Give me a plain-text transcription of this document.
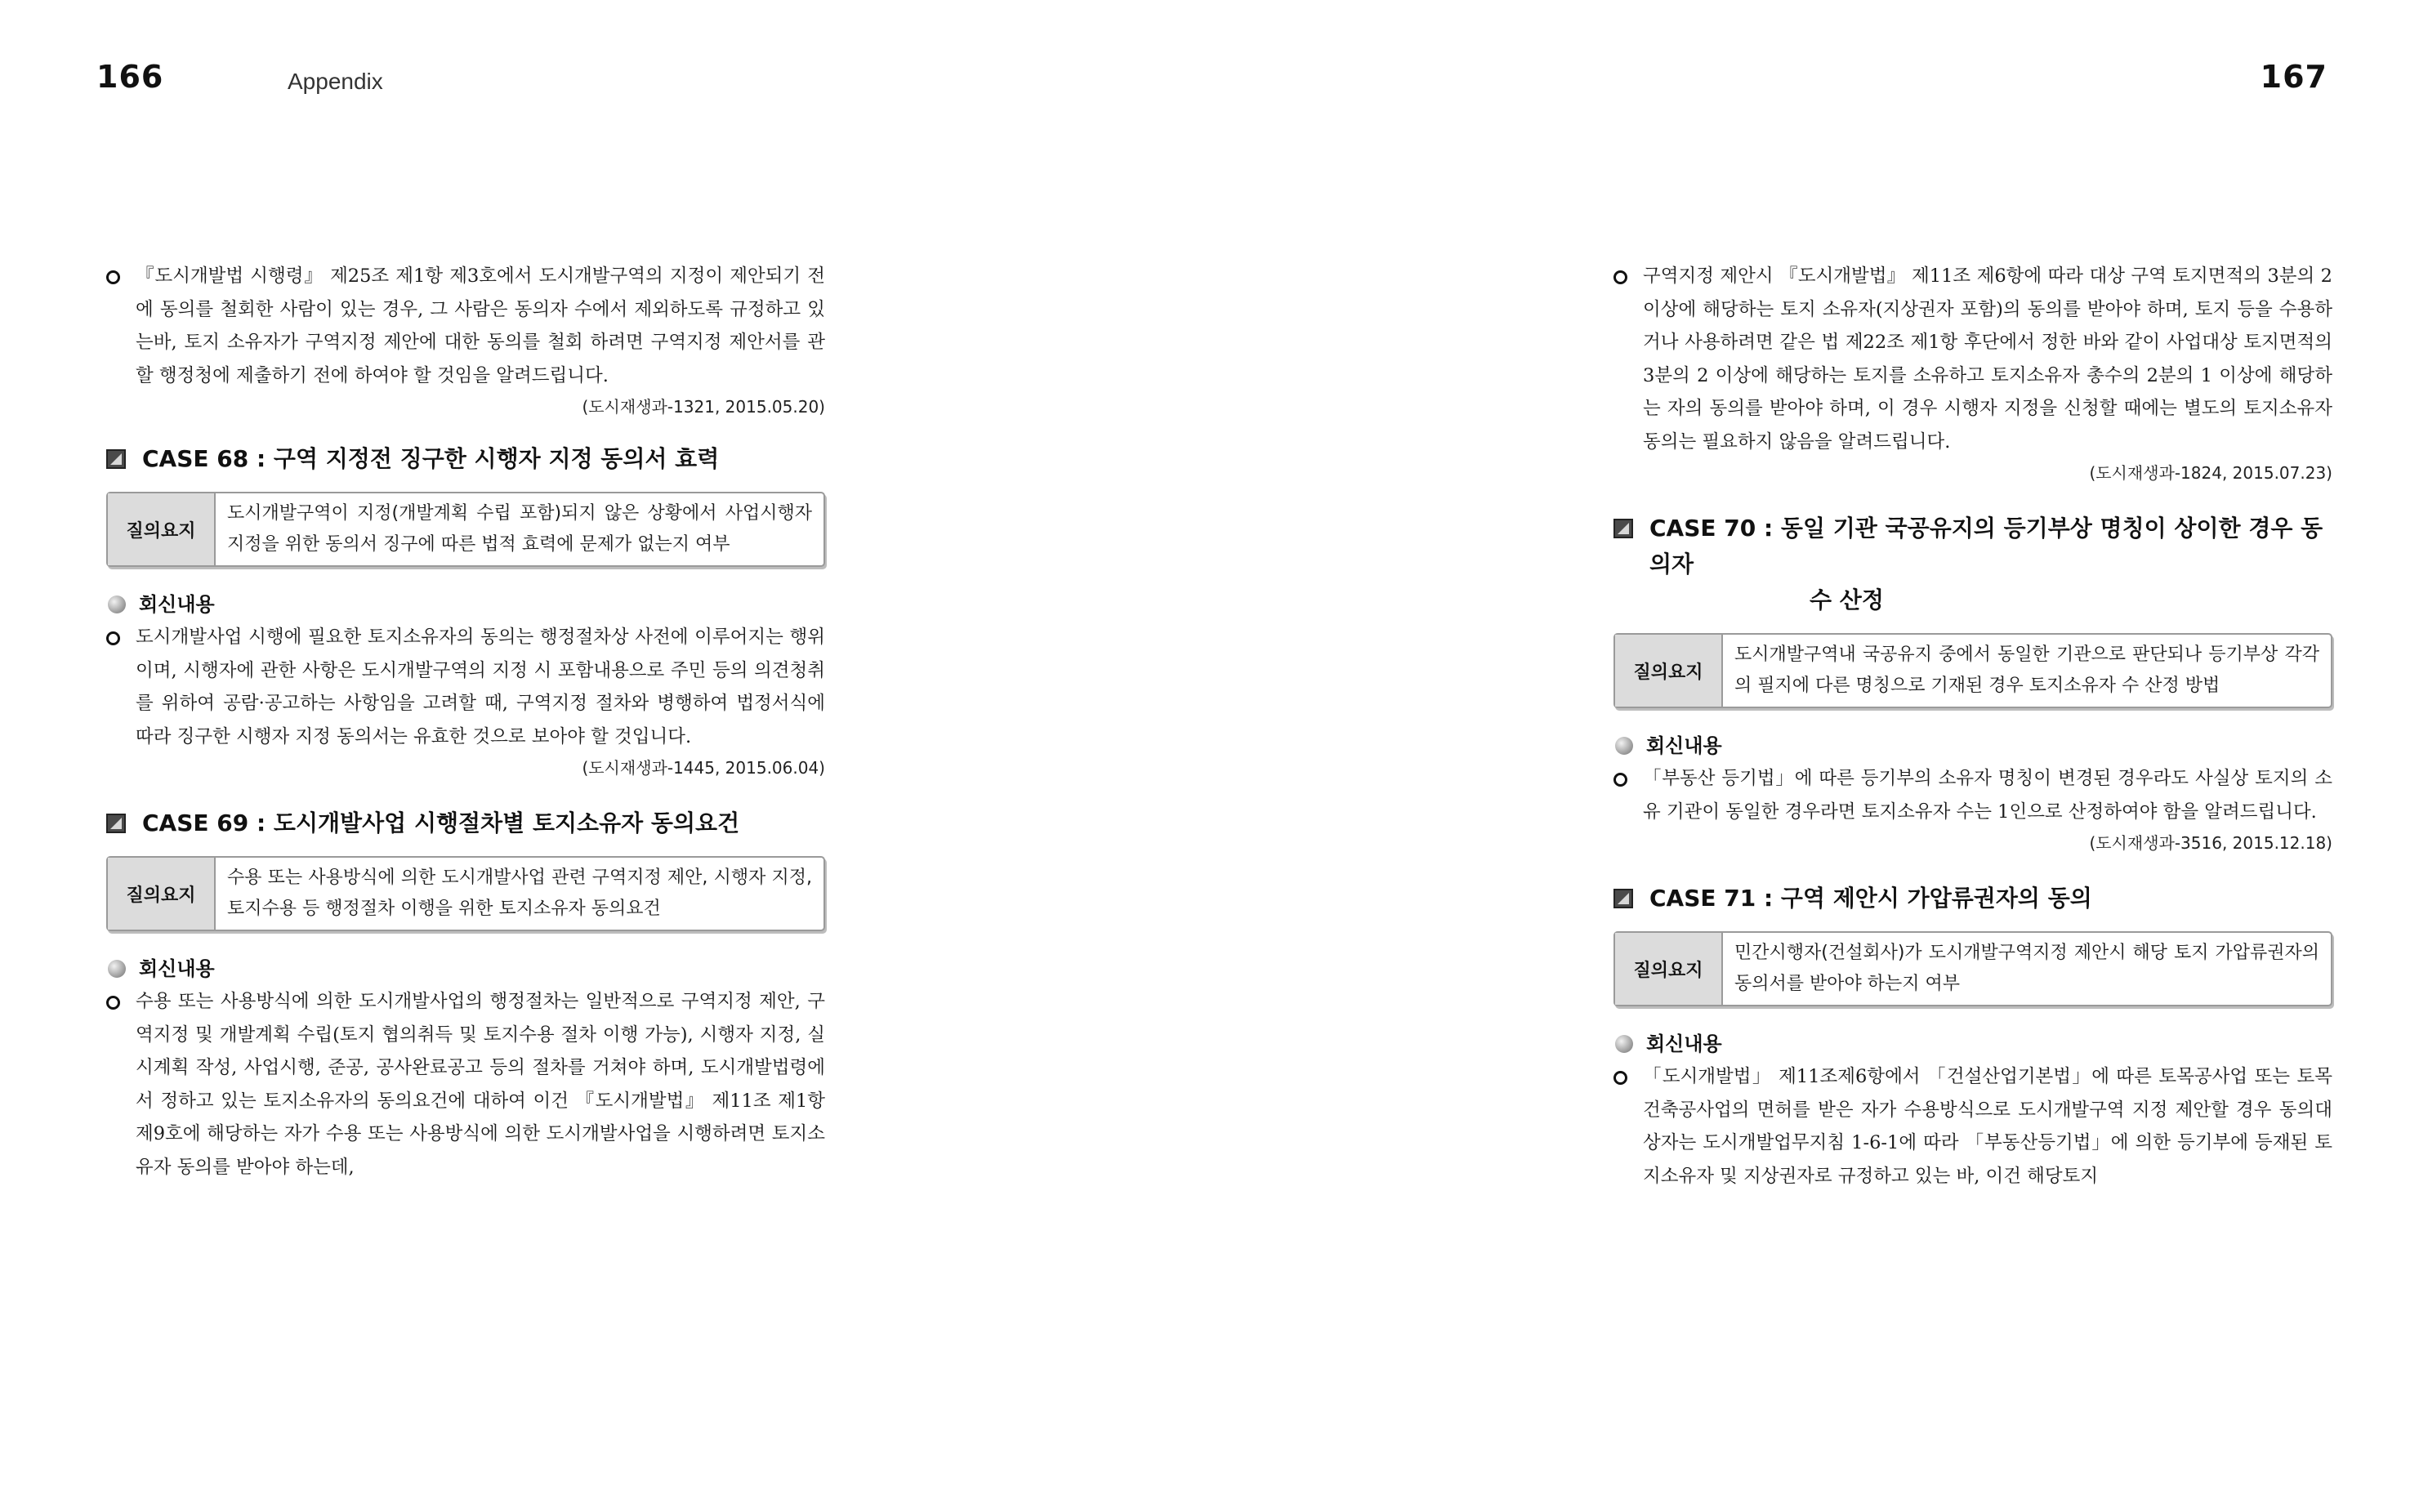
166	Appendix

『도시개발법 시행령』 제25조 제1항 제3호에서 도시개발구역의 지정이 제안되기 전에 동의를 철회한 사람이 있는 경우, 그 사람은 동의자 수에서 제외하도록 규정하고 있는바, 토지 소유자가 구역지정 제안에 대한 동의를 철회 하려면 구역지정 제안서를 관할 행정청에 제출하기 전에 하여야 할 것임을 알려드립니다.

(도시재생과-1321, 2015.05.20)
CASE 68 : 구역 지정전 징구한 시행자 지정 동의서 효력
질의요지
도시개발구역이 지정(개발계획 수립 포함)되지 않은 상황에서 사업시행자 지정을 위한 동의서 징구에 따른 법적 효력에 문제가 없는지 여부
회신내용

도시개발사업 시행에 필요한 토지소유자의 동의는 행정절차상 사전에 이루어지는 행위이며, 시행자에 관한 사항은 도시개발구역의 지정 시 포함내용으로 주민 등의 의견청취를 위하여 공람·공고하는 사항임을 고려할 때, 구역지정 절차와 병행하여 법정서식에 따라 징구한 시행자 지정 동의서는 유효한 것으로 보아야 할 것입니다.

(도시재생과-1445, 2015.06.04)
CASE 69 : 도시개발사업 시행절차별 토지소유자 동의요건
질의요지
수용 또는 사용방식에 의한 도시개발사업 관련 구역지정 제안, 시행자 지정, 토지수용 등 행정절차 이행을 위한 토지소유자 동의요건
회신내용

수용 또는 사용방식에 의한 도시개발사업의 행정절차는 일반적으로 구역지정 제안, 구역지정 및 개발계획 수립(토지 협의취득 및 토지수용 절차 이행 가능), 시행자 지정, 실시계획 작성, 사업시행, 준공, 공사완료공고 등의 절차를 거쳐야 하며, 도시개발법령에서 정하고 있는 토지소유자의 동의요건에 대하여 이건 『도시개발법』 제11조 제1항 제9호에 해당하는 자가 수용 또는 사용방식에 의한 도시개발사업을 시행하려면 토지소유자 동의를 받아야 하는데,

167

구역지정 제안시 『도시개발법』 제11조 제6항에 따라 대상 구역 토지면적의 3분의 2 이상에 해당하는 토지 소유자(지상권자 포함)의 동의를 받아야 하며, 토지 등을 수용하거나 사용하려면 같은 법 제22조 제1항 후단에서 정한 바와 같이 사업대상 토지면적의 3분의 2 이상에 해당하는 토지를 소유하고 토지소유자 총수의 2분의 1 이상에 해당하는 자의 동의를 받아야 하며, 이 경우 시행자 지정을 신청할 때에는 별도의 토지소유자 동의는 필요하지 않음을 알려드립니다.

(도시재생과-1824, 2015.07.23)
CASE 70 : 동일 기관 국공유지의 등기부상 명칭이 상이한 경우 동의자
수 산정
질의요지
도시개발구역내 국공유지 중에서 동일한 기관으로 판단되나 등기부상 각각의 필지에 다른 명칭으로 기재된 경우 토지소유자 수 산정 방법
회신내용

「부동산 등기법」에 따른 등기부의 소유자 명칭이 변경된 경우라도 사실상 토지의 소유 기관이 동일한 경우라면 토지소유자 수는 1인으로 산정하여야 함을 알려드립니다.

(도시재생과-3516, 2015.12.18)
CASE 71 : 구역 제안시 가압류권자의 동의
질의요지
민간시행자(건설회사)가 도시개발구역지정 제안시 해당 토지 가압류권자의 동의서를 받아야 하는지 여부
회신내용

「도시개발법」 제11조제6항에서 「건설산업기본법」에 따른 토목공사업 또는 토목건축공사업의 면허를 받은 자가 수용방식으로 도시개발구역 지정 제안할 경우 동의대상자는 도시개발업무지침 1-6-1에 따라 「부동산등기법」에 의한 등기부에 등재된 토지소유자 및 지상권자로 규정하고 있는 바, 이건 해당토지
